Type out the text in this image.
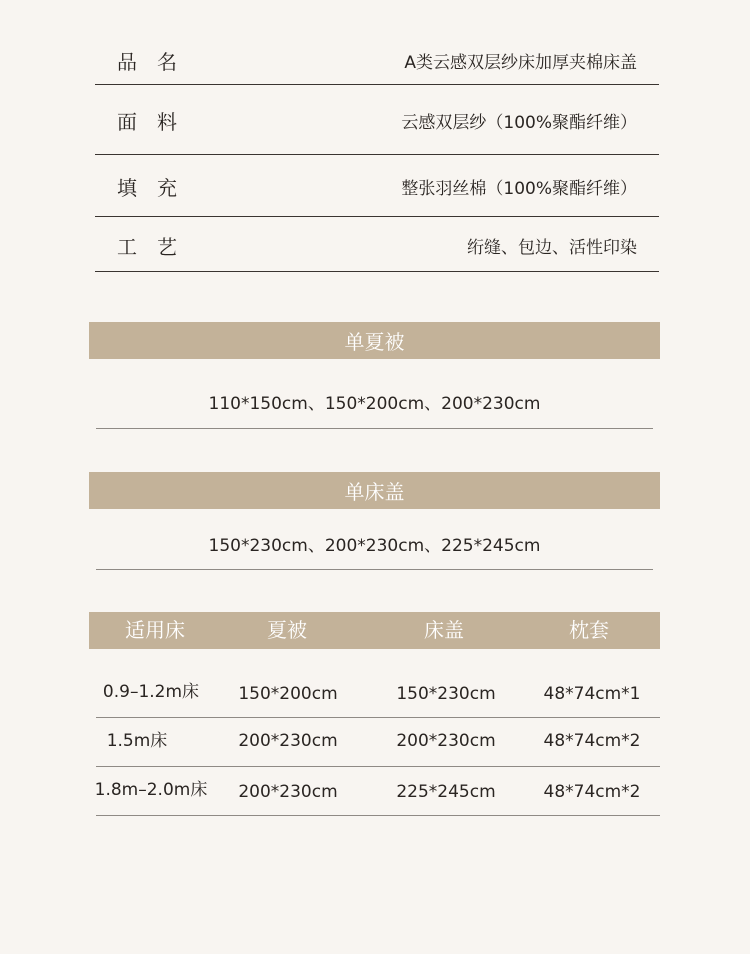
品名	A类云感双层纱床加厚夹棉床盖
面料	云感双层纱（100%聚酯纤维）
填充	整张羽丝棉（100%聚酯纤维）
工艺	绗缝、包边、活性印染
单夏被
110*150cm、150*200cm、200*230cm
单床盖
150*230cm、200*230cm、225*245cm
适用床	夏被	床盖	枕套
0.9–1.2m床 150*200cm	150*230cm	48*74cm*1
1.5m床	200*230cm	200*230cm	48*74cm*2
1.8m–2.0m床 200*230cm	225*245cm	48*74cm*2
